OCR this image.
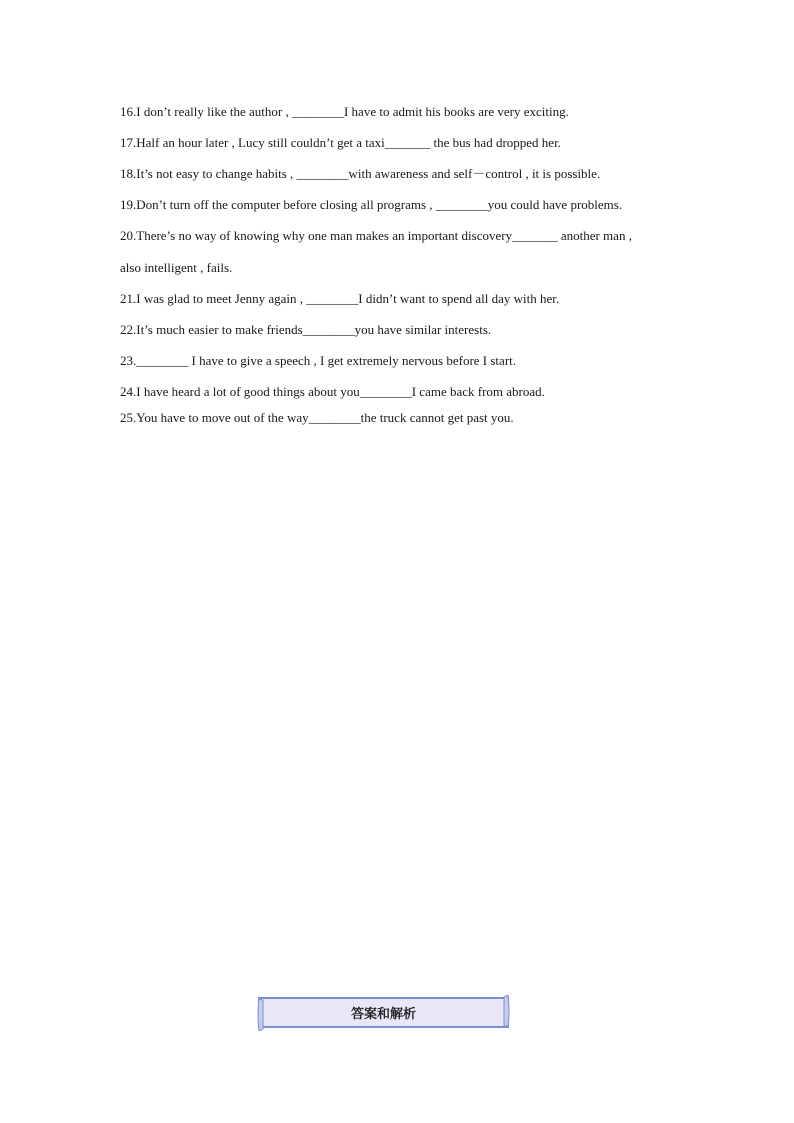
16.I don’t really like the author , ________I have to admit his books are very exciting.
17.Half an hour later , Lucy still couldn’t get a taxi_______ the bus had dropped her.
18.It’s not easy to change habits , ________with awareness and self－control , it is possible.
19.Don’t turn off the computer before closing all programs , ________you could have problems.
20.There’s no way of knowing why one man makes an important discovery_______ another man ,
also intelligent , fails.
21.I was glad to meet Jenny again , ________I didn’t want to spend all day with her.
22.It’s much easier to make friends________you have similar interests.
23.________ I have to give a speech , I get extremely nervous before I start.
24.I have heard a lot of good things about you________I came back from abroad.
25.You have to move out of the way________the truck cannot get past you.
答案和解析
